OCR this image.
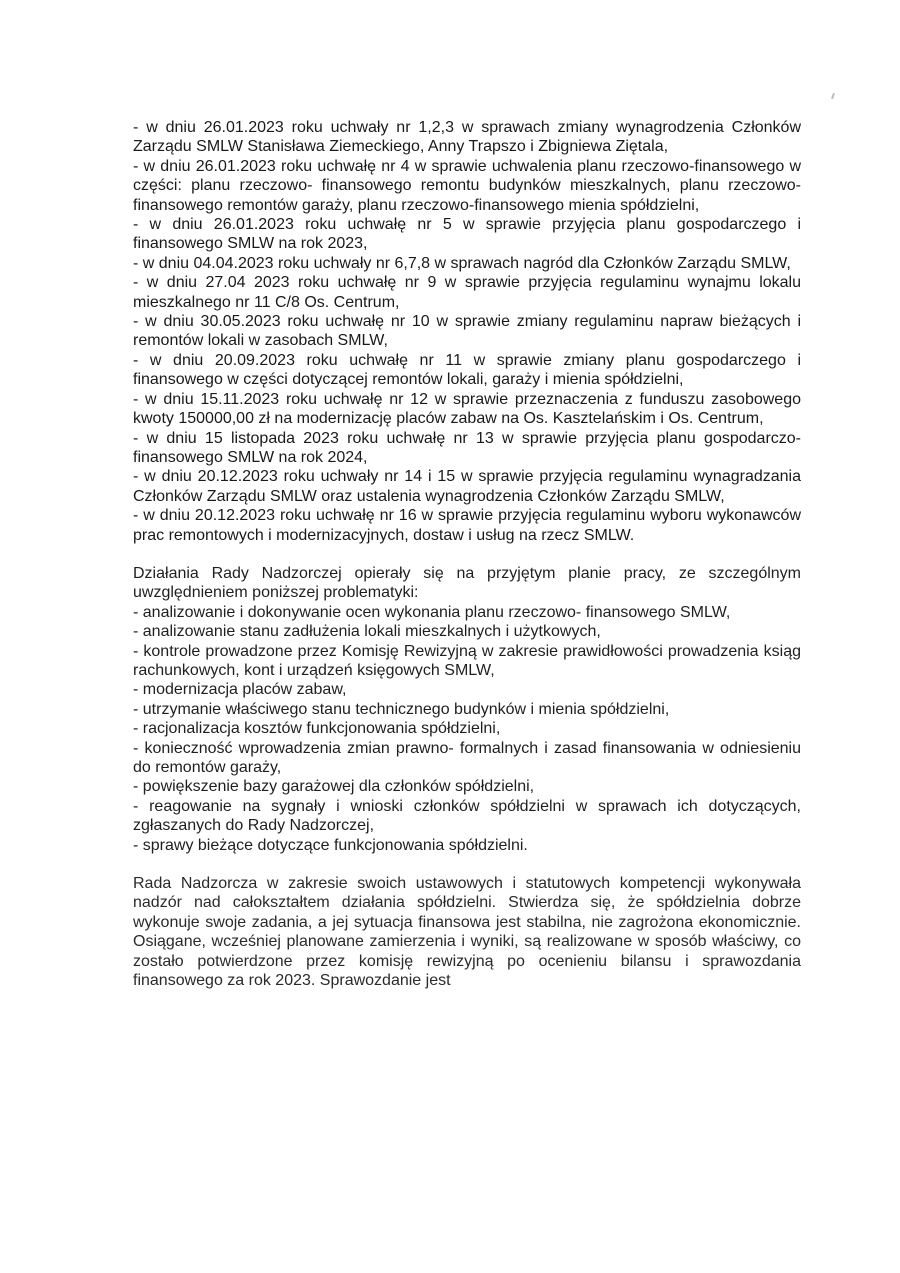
- w dniu 26.01.2023 roku uchwały nr 1,2,3 w sprawach zmiany wynagrodzenia Członków Zarządu SMLW Stanisława Ziemeckiego, Anny Trapszo i Zbigniewa Ziętala,

- w dniu 26.01.2023 roku uchwałę nr 4 w sprawie uchwalenia planu rzeczowo-finansowego w części: planu rzeczowo- finansowego remontu budynków mieszkalnych, planu rzeczowo- finansowego remontów garaży, planu rzeczowo-finansowego mienia spółdzielni,

- w dniu 26.01.2023 roku uchwałę nr 5 w sprawie przyjęcia planu gospodarczego i finansowego SMLW na rok 2023,

- w dniu 04.04.2023 roku uchwały nr 6,7,8 w sprawach nagród dla Członków Zarządu SMLW,

- w dniu 27.04 2023 roku uchwałę nr 9 w sprawie przyjęcia regulaminu wynajmu lokalu mieszkalnego nr 11 C/8 Os. Centrum,

- w dniu 30.05.2023 roku uchwałę nr 10 w sprawie zmiany regulaminu napraw bieżących i remontów lokali w zasobach SMLW,

- w dniu 20.09.2023 roku uchwałę nr 11 w sprawie zmiany planu gospodarczego i finansowego w części dotyczącej remontów lokali, garaży i mienia spółdzielni,

- w dniu 15.11.2023 roku uchwałę nr 12 w sprawie przeznaczenia z funduszu zasobowego kwoty 150000,00 zł na modernizację placów zabaw na Os. Kasztelańskim i Os. Centrum,

- w dniu 15 listopada 2023 roku uchwałę nr 13 w sprawie przyjęcia planu gospodarczo- finansowego SMLW na rok 2024,

- w dniu 20.12.2023 roku uchwały nr 14 i 15 w sprawie przyjęcia regulaminu wynagradzania Członków Zarządu SMLW oraz ustalenia wynagrodzenia Członków Zarządu SMLW,

- w dniu 20.12.2023 roku uchwałę nr 16 w sprawie przyjęcia regulaminu wyboru wykonawców prac remontowych i modernizacyjnych, dostaw i usług na rzecz SMLW.

Działania Rady Nadzorczej opierały się na przyjętym planie pracy, ze szczególnym uwzględnieniem poniższej problematyki:

- analizowanie i dokonywanie ocen wykonania planu rzeczowo- finansowego SMLW,

- analizowanie stanu zadłużenia lokali mieszkalnych i użytkowych,

- kontrole prowadzone przez Komisję Rewizyjną w zakresie prawidłowości prowadzenia ksiąg rachunkowych, kont i urządzeń księgowych SMLW,

- modernizacja placów zabaw,

- utrzymanie właściwego stanu technicznego budynków i mienia spółdzielni,

- racjonalizacja kosztów funkcjonowania spółdzielni,

- konieczność wprowadzenia zmian prawno- formalnych i zasad finansowania w odniesieniu do remontów garaży,

- powiększenie bazy garażowej dla członków spółdzielni,

- reagowanie na sygnały i wnioski członków spółdzielni w sprawach ich dotyczących, zgłaszanych do Rady Nadzorczej,

- sprawy bieżące dotyczące funkcjonowania spółdzielni.

Rada Nadzorcza w zakresie swoich ustawowych i statutowych kompetencji wykonywała nadzór nad całokształtem działania spółdzielni. Stwierdza się, że spółdzielnia dobrze wykonuje swoje zadania, a jej sytuacja finansowa jest stabilna, nie zagrożona ekonomicznie. Osiągane, wcześniej planowane zamierzenia i wyniki, są realizowane w sposób właściwy, co zostało potwierdzone przez komisję rewizyjną po ocenieniu bilansu i sprawozdania finansowego za rok 2023. Sprawozdanie jest
